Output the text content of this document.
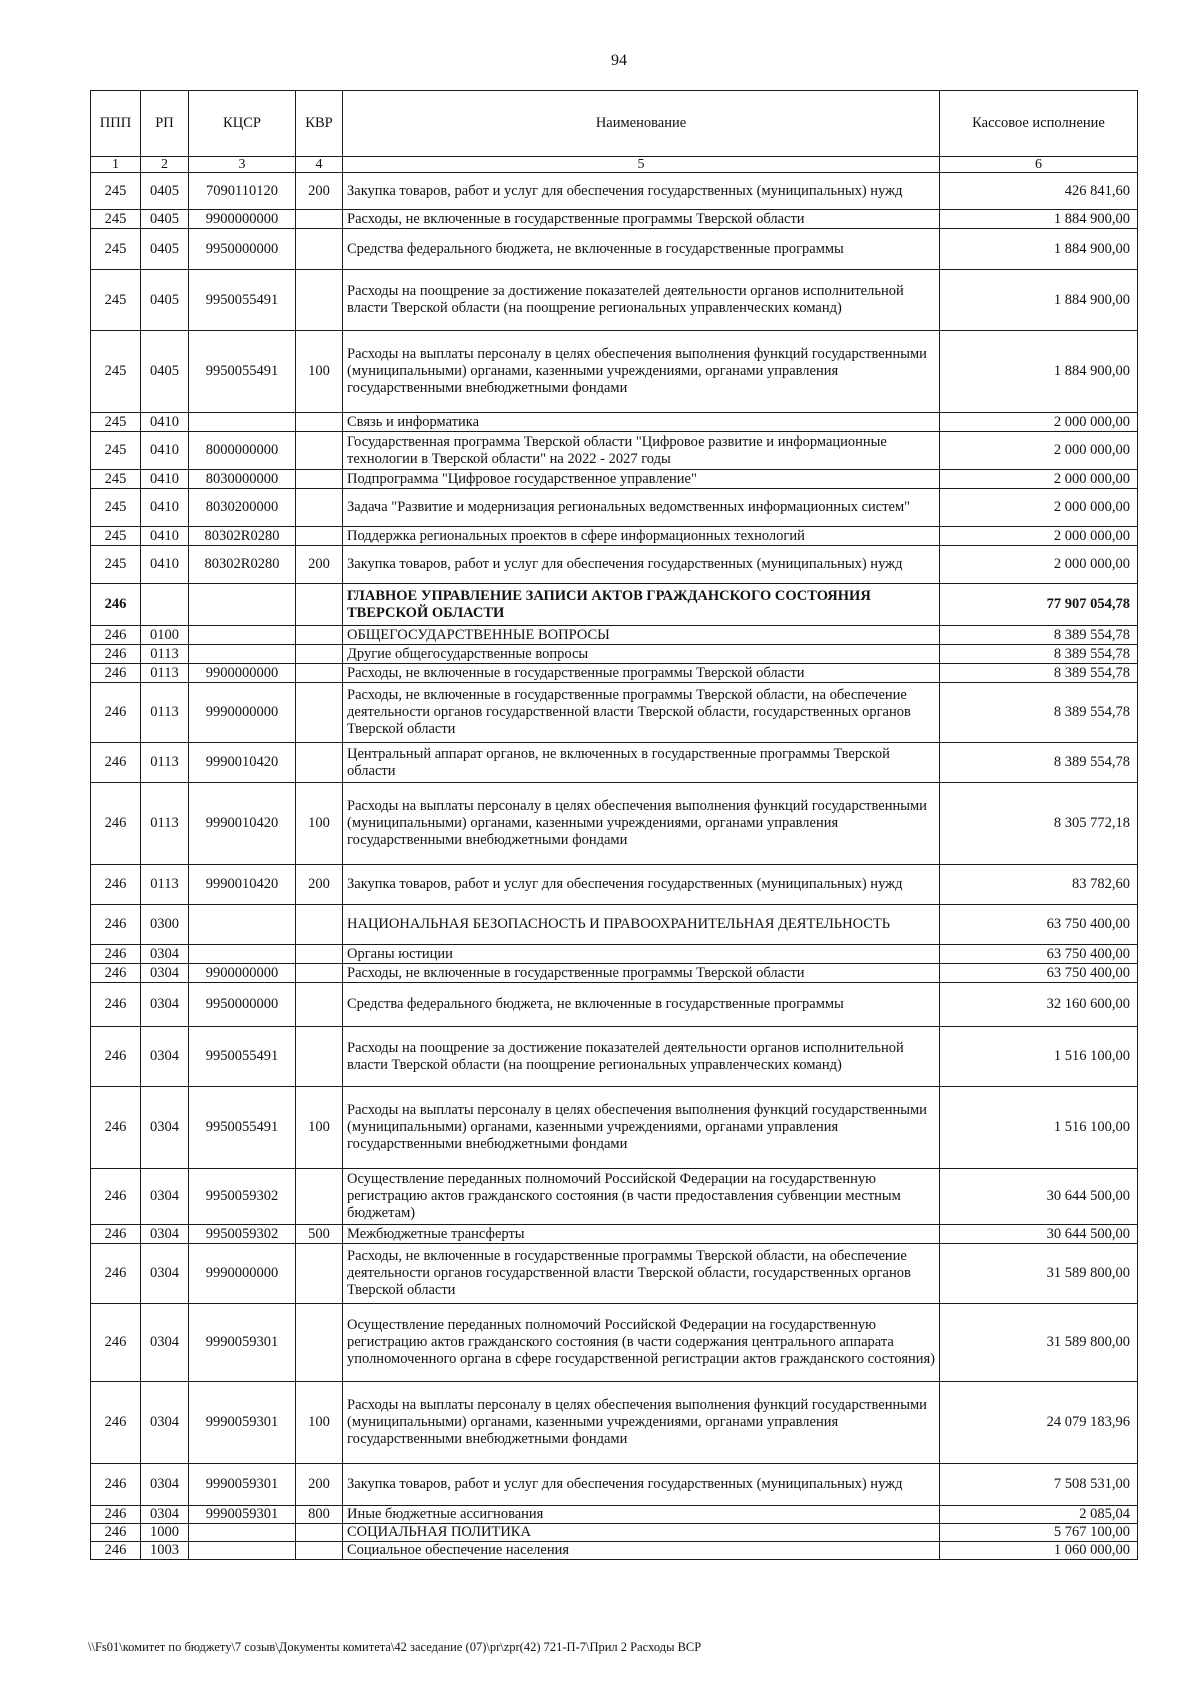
94
ППП	РП	КЦСР	КВР	Наименование	Кассовое исполнение
1	2	3	4	5	6
245	0405	7090110120	200	Закупка товаров, работ и услуг для обеспечения государственных (муниципальных) нужд	426 841,60
245	0405	9900000000		Расходы, не включенные в государственные программы Тверской области	1 884 900,00
245	0405	9950000000		Средства федерального бюджета, не включенные в государственные программы	1 884 900,00
245	0405	9950055491		Расходы на поощрение за достижение показателей деятельности органов исполнительной власти Тверской области (на поощрение региональных управленческих команд)	1 884 900,00
245	0405	9950055491	100	Расходы на выплаты персоналу в целях обеспечения выполнения функций государственными (муниципальными) органами, казенными учреждениями, органами управления государственными внебюджетными фондами	1 884 900,00
245	0410			Связь и информатика	2 000 000,00
245	0410	8000000000		Государственная программа Тверской области "Цифровое развитие и информационные технологии в Тверской области" на 2022 - 2027 годы	2 000 000,00
245	0410	8030000000		Подпрограмма "Цифровое государственное управление"	2 000 000,00
245	0410	8030200000		Задача "Развитие и модернизация региональных ведомственных информационных систем"	2 000 000,00
245	0410	80302R0280		Поддержка региональных проектов в сфере информационных технологий	2 000 000,00
245	0410	80302R0280	200	Закупка товаров, работ и услуг для обеспечения государственных (муниципальных) нужд	2 000 000,00
246				ГЛАВНОЕ УПРАВЛЕНИЕ ЗАПИСИ АКТОВ ГРАЖДАНСКОГО СОСТОЯНИЯ ТВЕРСКОЙ ОБЛАСТИ	77 907 054,78
246	0100			ОБЩЕГОСУДАРСТВЕННЫЕ ВОПРОСЫ	8 389 554,78
246	0113			Другие общегосударственные вопросы	8 389 554,78
246	0113	9900000000		Расходы, не включенные в государственные программы Тверской области	8 389 554,78
246	0113	9990000000		Расходы, не включенные в государственные программы Тверской области, на обеспечение деятельности органов государственной власти Тверской области, государственных органов Тверской области	8 389 554,78
246	0113	9990010420		Центральный аппарат органов, не включенных в государственные программы Тверской области	8 389 554,78
246	0113	9990010420	100	Расходы на выплаты персоналу в целях обеспечения выполнения функций государственными (муниципальными) органами, казенными учреждениями, органами управления государственными внебюджетными фондами	8 305 772,18
246	0113	9990010420	200	Закупка товаров, работ и услуг для обеспечения государственных (муниципальных) нужд	83 782,60
246	0300			НАЦИОНАЛЬНАЯ БЕЗОПАСНОСТЬ И ПРАВООХРАНИТЕЛЬНАЯ ДЕЯТЕЛЬНОСТЬ	63 750 400,00
246	0304			Органы юстиции	63 750 400,00
246	0304	9900000000		Расходы, не включенные в государственные программы Тверской области	63 750 400,00
246	0304	9950000000		Средства федерального бюджета, не включенные в государственные программы	32 160 600,00
246	0304	9950055491		Расходы на поощрение за достижение показателей деятельности органов исполнительной власти Тверской области (на поощрение региональных управленческих команд)	1 516 100,00
246	0304	9950055491	100	Расходы на выплаты персоналу в целях обеспечения выполнения функций государственными (муниципальными) органами, казенными учреждениями, органами управления государственными внебюджетными фондами	1 516 100,00
246	0304	9950059302		Осуществление переданных полномочий Российской Федерации на государственную регистрацию актов гражданского состояния (в части предоставления субвенции местным бюджетам)	30 644 500,00
246	0304	9950059302	500	Межбюджетные трансферты	30 644 500,00
246	0304	9990000000		Расходы, не включенные в государственные программы Тверской области, на обеспечение деятельности органов государственной власти Тверской области, государственных органов Тверской области	31 589 800,00
246	0304	9990059301		Осуществление переданных полномочий Российской Федерации на государственную регистрацию актов гражданского состояния (в части содержания центрального аппарата уполномоченного органа в сфере государственной регистрации актов гражданского состояния)	31 589 800,00
246	0304	9990059301	100	Расходы на выплаты персоналу в целях обеспечения выполнения функций государственными (муниципальными) органами, казенными учреждениями, органами управления государственными внебюджетными фондами	24 079 183,96
246	0304	9990059301	200	Закупка товаров, работ и услуг для обеспечения государственных (муниципальных) нужд	7 508 531,00
246	0304	9990059301	800	Иные бюджетные ассигнования	2 085,04
246	1000			СОЦИАЛЬНАЯ ПОЛИТИКА	5 767 100,00
246	1003			Социальное обеспечение населения	1 060 000,00
\\Fs01\комитет по бюджету\7 созыв\Документы комитета\42 заседание (07)\pr\zpr(42) 721-П-7\Прил 2 Расходы ВСР
